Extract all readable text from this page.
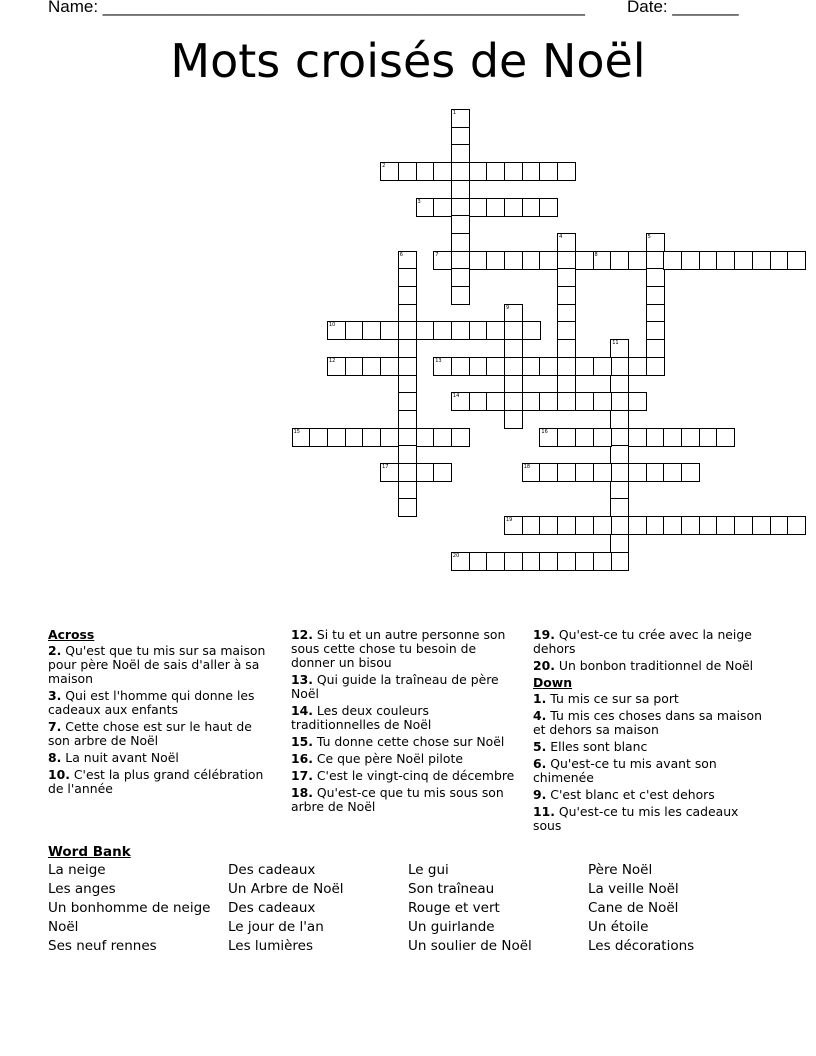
Name: ___________________________________________________ Date: _______
Mots croisés de Noël
1
2
3
4	5
6	7	8
9
10
11
12	13
14
15	16
17	18
19
20
Across
2. Qu'est que tu mis sur sa maison pour père Noël de sais d'aller à sa maison
3. Qui est l'homme qui donne les cadeaux aux enfants
7. Cette chose est sur le haut de son arbre de Noël
8. La nuit avant Noël
10. C'est la plus grand célébration de l'année
12. Si tu et un autre personne son sous cette chose tu besoin de donner un bisou
13. Qui guide la traîneau de père Noël
14. Les deux couleurs traditionnelles de Noël
15. Tu donne cette chose sur Noël
16. Ce que père Noël pilote
17. C'est le vingt-cinq de décembre
18. Qu'est-ce que tu mis sous son arbre de Noël
19. Qu'est-ce tu crée avec la neige dehors
20. Un bonbon traditionnel de Noël
Down
1. Tu mis ce sur sa port
4. Tu mis ces choses dans sa maison et dehors sa maison
5. Elles sont blanc
6. Qu'est-ce tu mis avant son chimenée
9. C'est blanc et c'est dehors
11. Qu'est-ce tu mis les cadeaux sous
Word Bank
La neige	Des cadeaux	Le gui	Père Noël
Les anges	Un Arbre de Noël	Son traîneau	La veille Noël
Un bonhomme de neige	Des cadeaux	Rouge et vert	Cane de Noël
Noël	Le jour de l'an	Un guirlande	Un étoile
Ses neuf rennes	Les lumières	Un soulier de Noël	Les décorations
